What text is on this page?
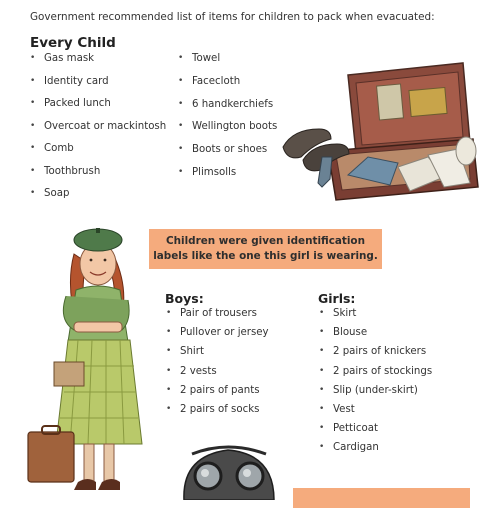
Government recommended list of items for children to pack when evacuated:
Every Child
• Gas mask
• Identity card
• Packed lunch
• Overcoat or mackintosh
• Comb
• Toothbrush
• Soap
• Towel
• Facecloth
• 6 handkerchiefs
• Wellington boots
• Boots or shoes
• Plimsolls
Children were given identification
labels like the one this girl is wearing.
Boys:
• Pair of trousers
• Pullover or jersey
• Shirt
• 2 vests
• 2 pairs of pants
• 2 pairs of socks
Girls:
• Skirt
• Blouse
• 2 pairs of knickers
• 2 pairs of stockings
• Slip (under-skirt)
• Vest
• Petticoat
• Cardigan
